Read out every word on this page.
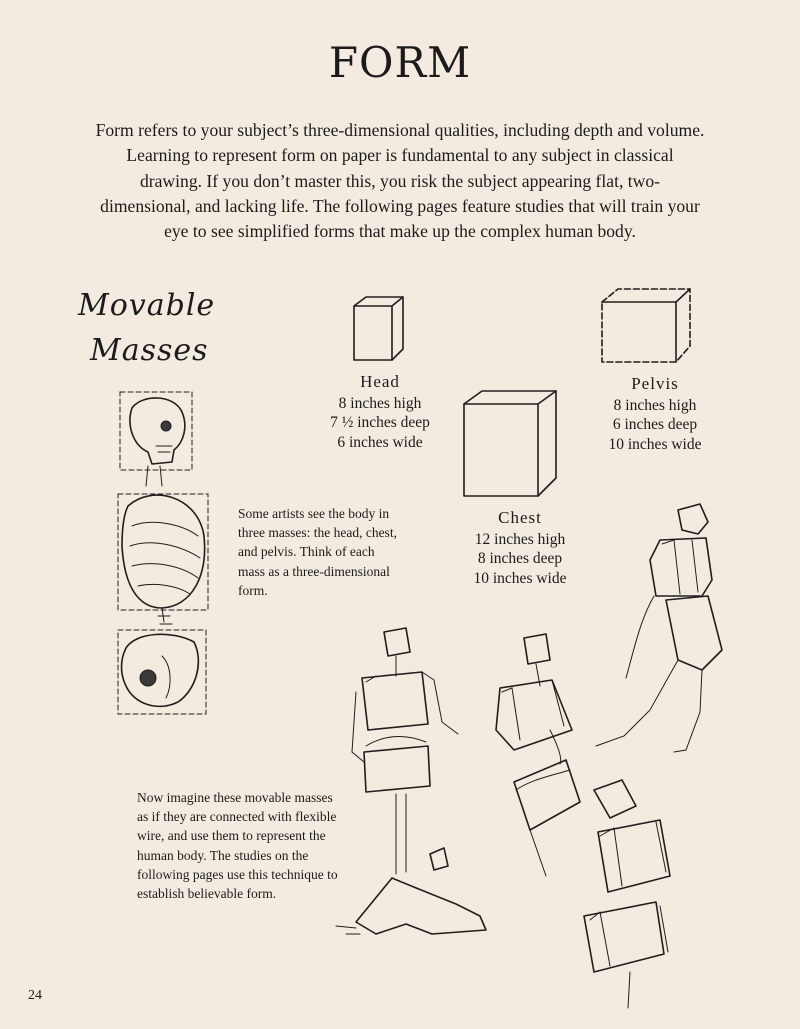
FORM
Form refers to your subject’s three-dimensional qualities, including depth and volume. Learning to represent form on paper is fundamental to any subject in classical drawing. If you don’t master this, you risk the subject appearing flat, two-dimensional, and lacking life. The following pages feature studies that will train your eye to see simplified forms that make up the complex human body.
Movable
Masses
Head
8 inches high
7 ½ inches deep
6 inches wide
Pelvis
8 inches high
6 inches deep
10 inches wide
Chest
12 inches high
8 inches deep
10 inches wide
Some artists see the body in three masses: the head, chest, and pelvis. Think of each mass as a three-dimensional form.
Now imagine these movable masses as if they are connected with flexible wire, and use them to represent the human body. The studies on the following pages use this technique to establish believable form.
24
